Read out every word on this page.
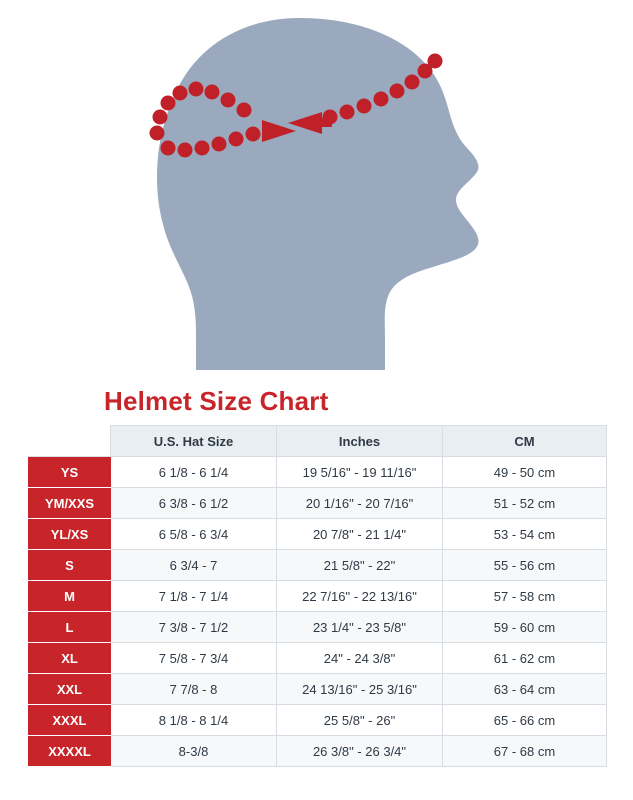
Helmet Size Chart
	U.S. Hat Size	Inches	CM
YS	6 1/8 - 6 1/4	19 5/16" - 19 11/16"	49 - 50 cm
YM/XXS	6 3/8 - 6 1/2	20 1/16" - 20 7/16"	51 - 52 cm
YL/XS	6 5/8 - 6 3/4	20 7/8" - 21 1/4"	53 - 54 cm
S	6 3/4 - 7	21 5/8" - 22"	55 - 56 cm
M	7 1/8 - 7 1/4	22 7/16" - 22 13/16"	57 - 58 cm
L	7 3/8 - 7 1/2	23 1/4" - 23 5/8"	59 - 60 cm
XL	7 5/8 - 7 3/4	24" - 24 3/8"	61 - 62 cm
XXL	7 7/8 - 8	24 13/16" - 25 3/16"	63 - 64 cm
XXXL	8 1/8 - 8 1/4	25 5/8" - 26"	65 - 66 cm
XXXXL	8-3/8	26 3/8" - 26 3/4"	67 - 68 cm
